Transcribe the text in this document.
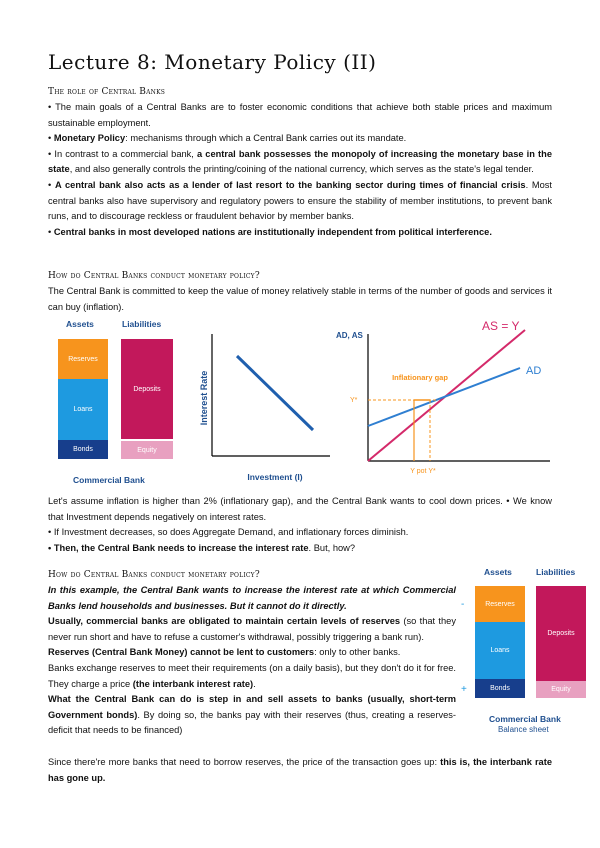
Lecture 8: Monetary Policy (II)
The role of Central Banks
• The main goals of a Central Banks are to foster economic conditions that achieve both stable prices and maximum sustainable employment.
• Monetary Policy: mechanisms through which a Central Bank carries out its mandate.
• In contrast to a commercial bank, a central bank possesses the monopoly of increasing the monetary base in the state, and also generally controls the printing/coining of the national currency, which serves as the state's legal tender.
• A central bank also acts as a lender of last resort to the banking sector during times of financial crisis. Most central banks also have supervisory and regulatory powers to ensure the stability of member institutions, to prevent bank runs, and to discourage reckless or fraudulent behavior by member banks.
• Central banks in most developed nations are institutionally independent from political interference.
How do Central Banks conduct monetary policy?
The Central Bank is committed to keep the value of money relatively stable in terms of the number of goods and services it can buy (inflation).
Assets	Liabilities
Reserves
Loans
Bonds
Deposits
Equity
Commercial Bank
Interest Rate
Investment (I)
AD, AS
AS = Y
AD
Inflationary gap
Y*
Y pot Y*
Let's assume inflation is higher than 2% (inflationary gap), and the Central Bank wants to cool down prices. • We know that Investment depends negatively on interest rates.
• If Investment decreases, so does Aggregate Demand, and inflationary forces diminish.
• Then, the Central Bank needs to increase the interest rate. But, how?
How do Central Banks conduct monetary policy?
In this example, the Central Bank wants to increase the interest rate at which Commercial Banks lend households and businesses. But it cannot do it directly.
Usually, commercial banks are obligated to maintain certain levels of reserves (so that they never run short and have to refuse a customer's withdrawal, possibly triggering a bank run).
Reserves (Central Bank Money) cannot be lent to customers: only to other banks.
Banks exchange reserves to meet their requirements (on a daily basis), but they don't do it for free. They charge a price (the interbank interest rate).
What the Central Bank can do is step in and sell assets to banks (usually, short-term Government bonds). By doing so, the banks pay with their reserves (thus, creating a reserves-deficit that needs to be financed)
Since there're more banks that need to borrow reserves, the price of the transaction goes up: this is, the interbank rate has gone up.
Assets	Liabilities
-
+
Reserves
Loans
Bonds
Deposits
Equity
Commercial Bank
Balance sheet
